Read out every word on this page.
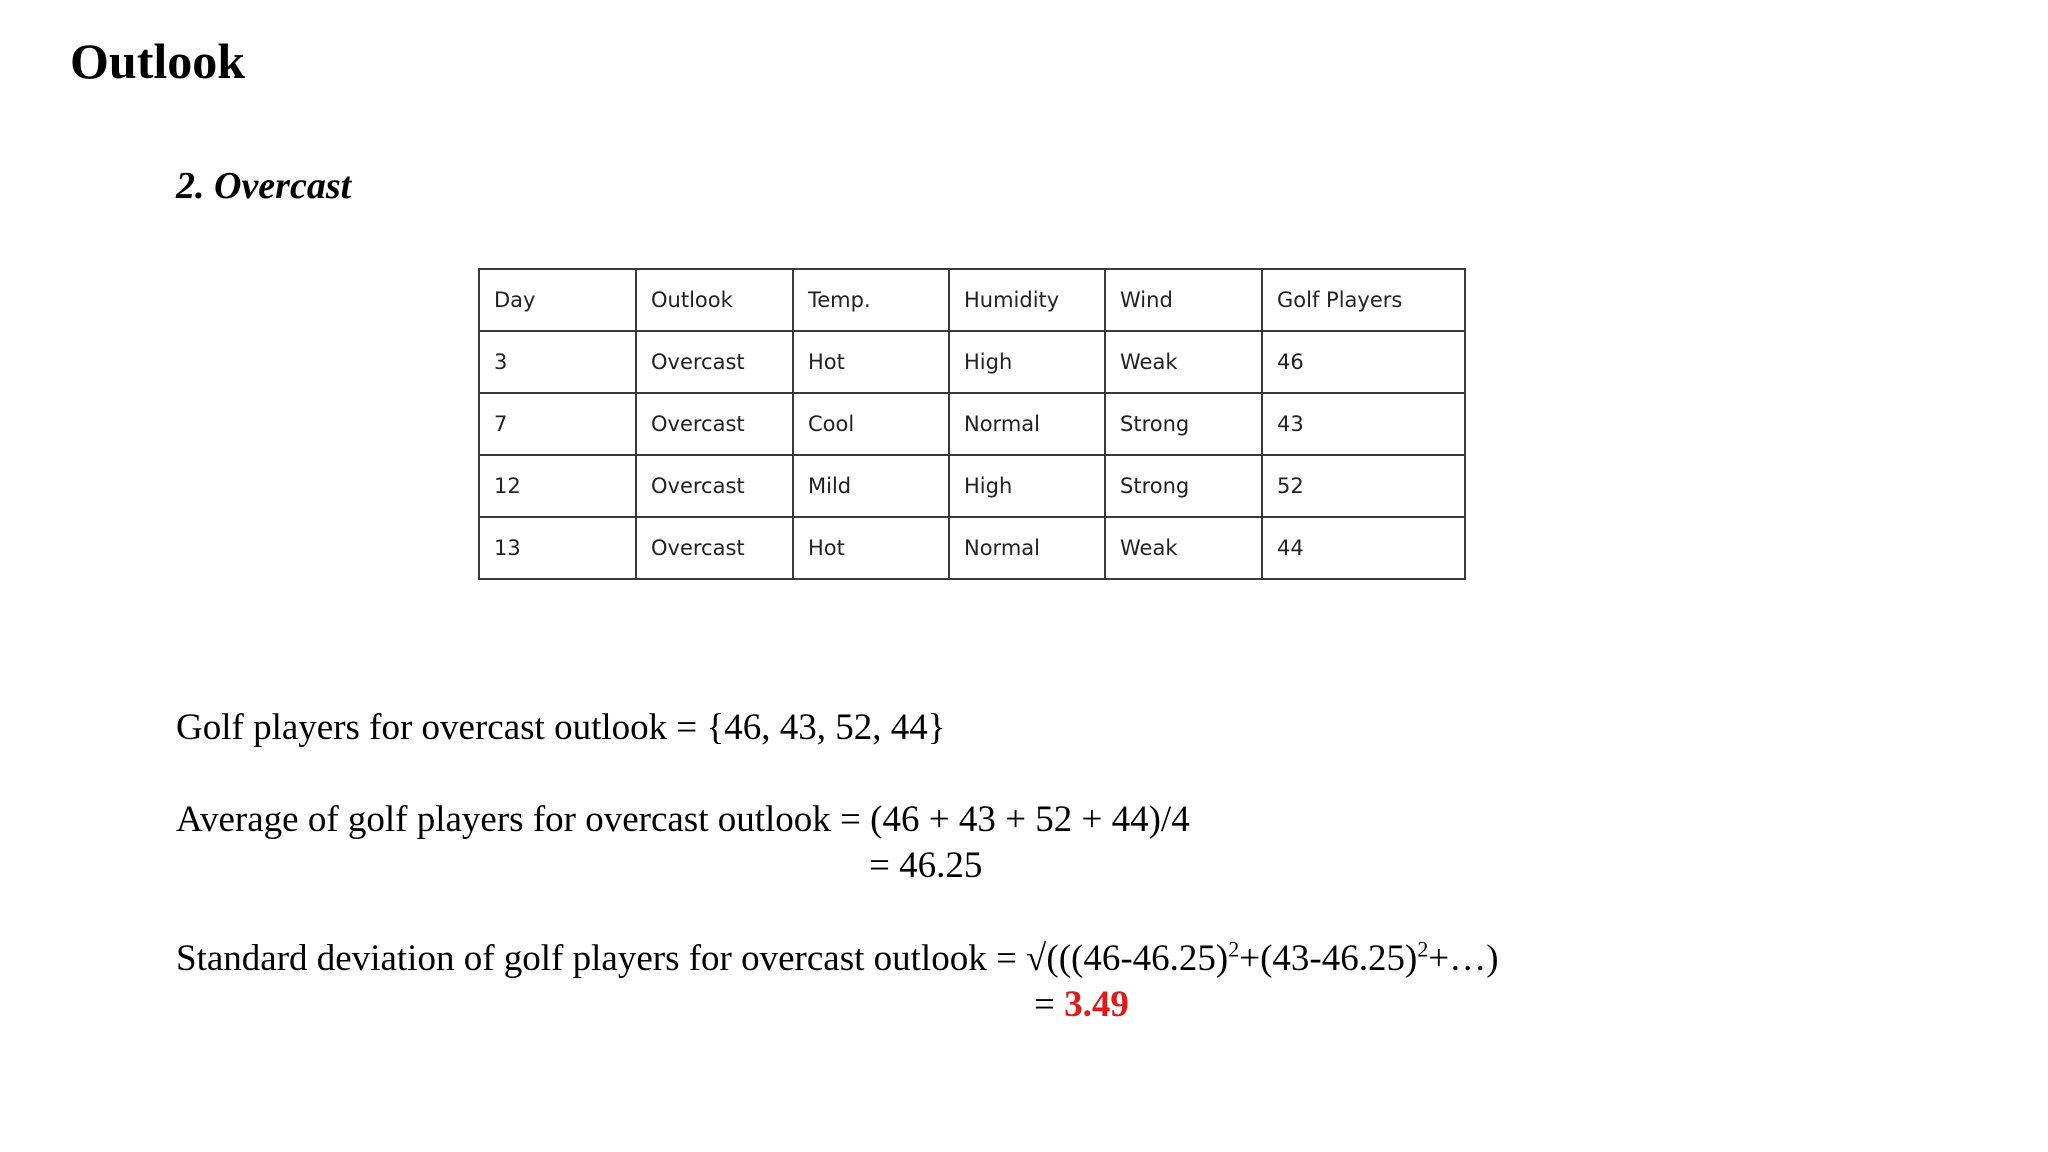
Outlook
2. Overcast
Day	Outlook	Temp.	Humidity	Wind	Golf Players
3	Overcast	Hot	High	Weak	46
7	Overcast	Cool	Normal	Strong	43
12	Overcast	Mild	High	Strong	52
13	Overcast	Hot	Normal	Weak	44

Golf players for overcast outlook = {46, 43, 52, 44}

Average of golf players for overcast outlook = (46 + 43 + 52 + 44)/4

= 46.25

Standard deviation of golf players for overcast outlook = $√(((46-46.25)^2+(43-46.25)^2+\dots)$

= 3.49
